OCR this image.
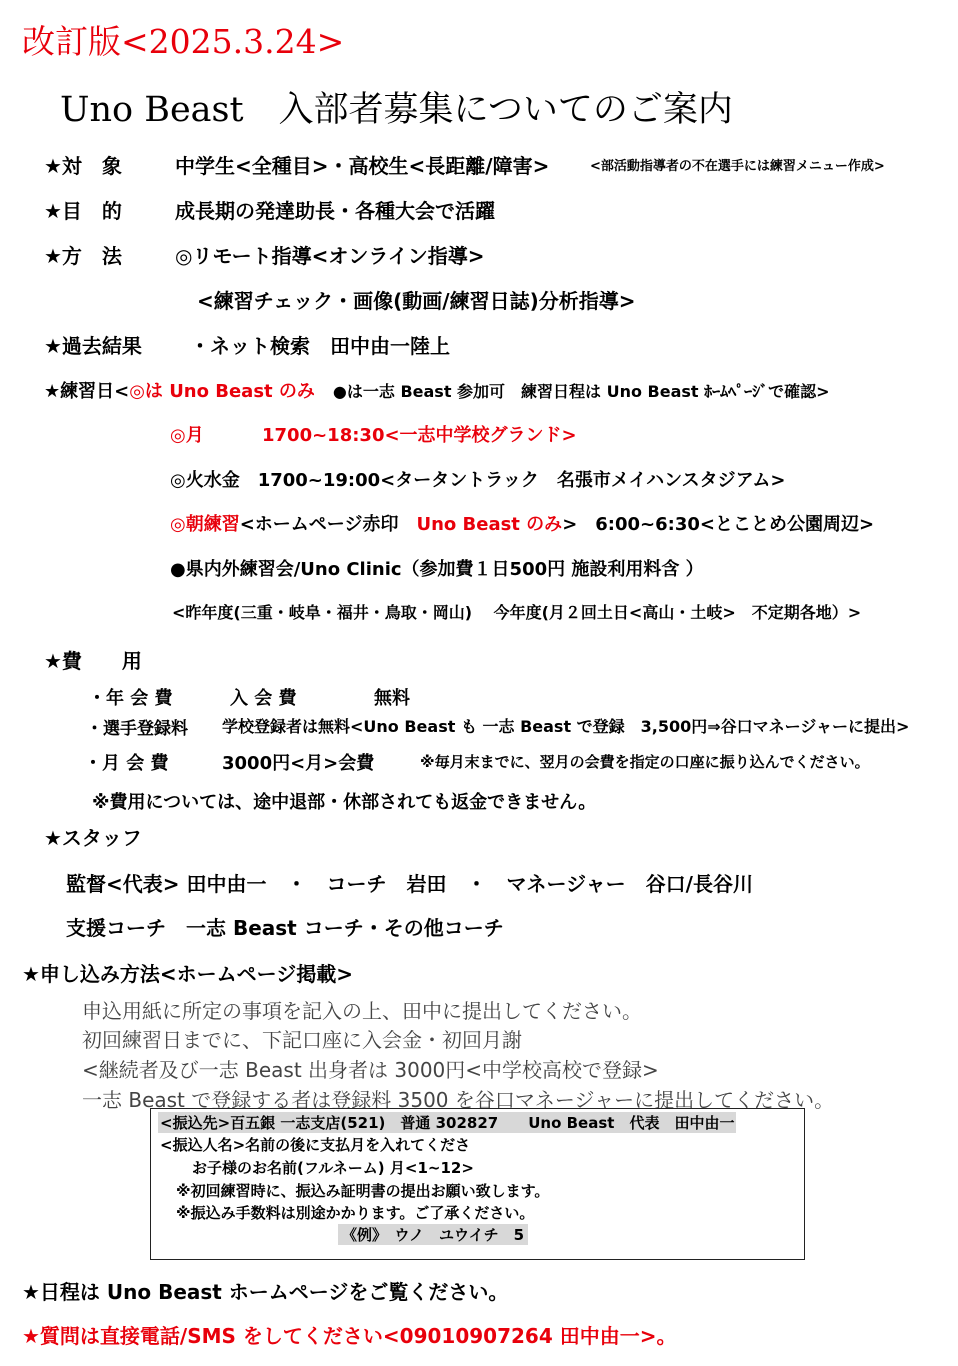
改訂版<2025.3.24>
Uno Beast　入部者募集についてのご案内
★対　象	中学生<全種目>・高校生<長距離/障害>	<部活動指導者の不在選手には練習メニュー作成>
★目　的	成長期の発達助長・各種大会で活躍
★方　法	◎リモート指導<オンライン指導>
<練習チェック・画像(動画/練習日誌)分析指導>
★過去結果 ・ネット検索　田中由一陸上
★練習日<◎は Uno Beast のみ　 ●は一志 Beast 参加可　練習日程は Uno Beast ﾎｰﾑﾍﾟｰｼﾞで確認>
◎月	1700~18:30<一志中学校グランド>
◎火水金　1700~19:00<タータントラック　名張市メイハンスタジアム>
◎朝練習<ホームページ赤印　 Uno Beast のみ>　6:00~6:30<とことめ公園周辺>
●県内外練習会/Uno Clinic（参加費１日500円 施設利用料含 ）
<昨年度(三重・岐阜・福井・鳥取・岡山)　 今年度(月２回土日<高山・土岐>　不定期各地）>
★費　　用
・年 会 費	入 会 費	無料
・選手登録料 学校登録者は無料<Uno Beast も 一志 Beast で登録　3,500円⇒谷口マネージャーに提出>
・月 会 費	3000円<月>会費	※毎月末までに、翌月の会費を指定の口座に振り込んでください。
※費用については、途中退部・休部されても返金できません。
★スタッフ
監督<代表> 田中由一　・　コーチ　岩田　・　マネージャー　谷口/長谷川
支援コーチ　一志 Beast コーチ・その他コーチ
★申し込み方法<ホームページ掲載>
申込用紙に所定の事項を記入の上、田中に提出してください。
初回練習日までに、下記口座に入会金・初回月謝
<継続者及び一志 Beast 出身者は 3000円<中学校高校で登録>
一志 Beast で登録する者は登録料 3500 を谷口マネージャーに提出してください。
<振込先>百五銀 一志支店(521)　普通 302827　　Uno Beast　代表　田中由一
<振込人名>名前の後に支払月を入れてくださ
お子様のお名前(フルネーム) 月<1~12>
※初回練習時に、振込み証明書の提出お願い致します。
※振込み手数料は別途かかります。ご了承ください。
《例》　ウノ　ユウイチ　5
★日程は Uno Beast ホームページをご覧ください。
★質問は直接電話/SMS をしてください<09010907264 田中由一>。
